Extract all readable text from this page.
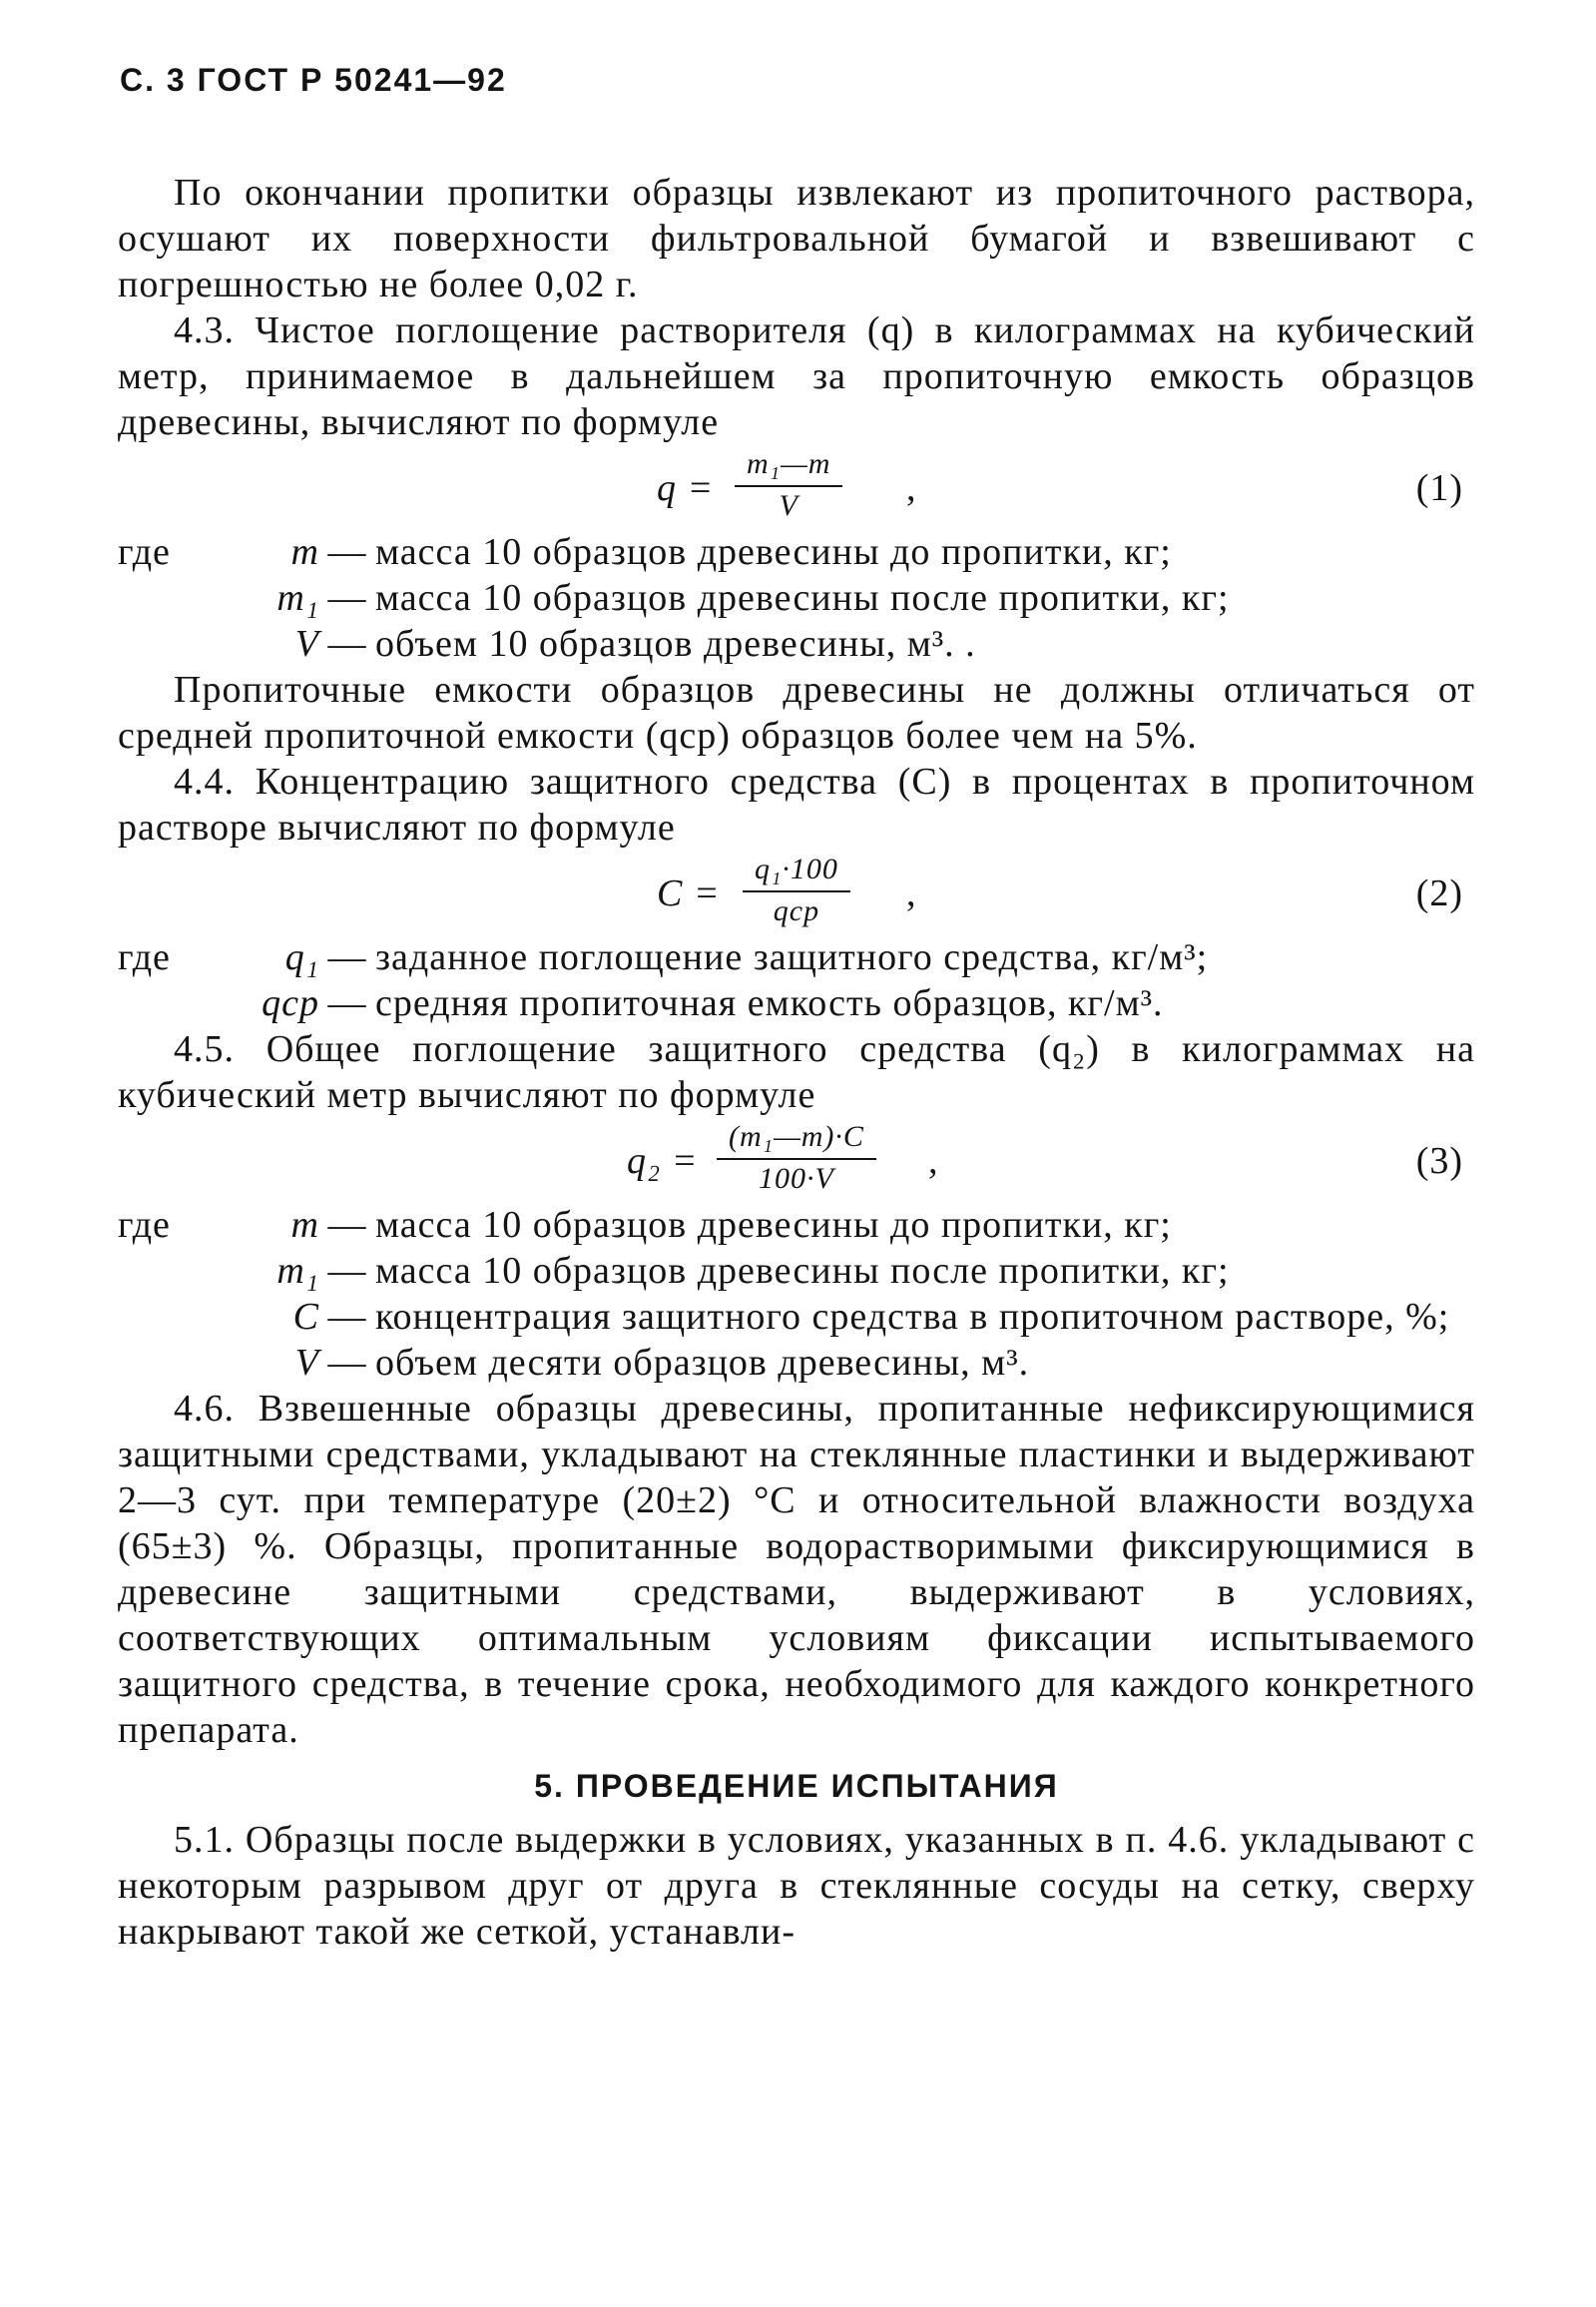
С. 3 ГОСТ Р 50241—92

По окончании пропитки образцы извлекают из пропиточного раствора, осушают их поверхности фильтровальной бумагой и взвешивают с погрешностью не более 0,02 г.

4.3. Чистое поглощение растворителя (q) в килограммах на кубический метр, принимаемое в дальнейшем за пропиточную емкость образцов древесины, вычисляют по формуле

q =
m₁—m
V	,	(1)
где	m — масса 10 образцов древесины до пропитки, кг;
m₁ — масса 10 образцов древесины после пропитки, кг;
V — объем 10 образцов древесины, м³. .

Пропиточные емкости образцов древесины не должны отличаться от средней пропиточной емкости (qср) образцов более чем на 5%.

4.4. Концентрацию защитного средства (С) в процентах в пропиточном растворе вычисляют по формуле

C =
q₁·100
qср ,	(2)
где	q₁ — заданное поглощение защитного средства, кг/м³;
qср — средняя пропиточная емкость образцов, кг/м³.

4.5. Общее поглощение защитного средства (q₂) в килограммах на кубический метр вычисляют по формуле

q₂ =
(m₁—m)·C
100·V ,	(3)
где	m — масса 10 образцов древесины до пропитки, кг;
m₁ — масса 10 образцов древесины после пропитки, кг;
C — концентрация защитного средства в пропиточном растворе, %;
V — объем десяти образцов древесины, м³.

4.6. Взвешенные образцы древесины, пропитанные нефиксирующимися защитными средствами, укладывают на стеклянные пластинки и выдерживают 2—3 сут. при температуре (20±2) °С и относительной влажности воздуха (65±3) %. Образцы, пропитанные водорастворимыми фиксирующимися в древесине защитными средствами, выдерживают в условиях, соответствующих оптимальным условиям фиксации испытываемого защитного средства, в течение срока, необходимого для каждого конкретного препарата.

5. ПРОВЕДЕНИЕ ИСПЫТАНИЯ

5.1. Образцы после выдержки в условиях, указанных в п. 4.6. укладывают с некоторым разрывом друг от друга в стеклянные сосуды на сетку, сверху накрывают такой же сеткой, устанавли-
